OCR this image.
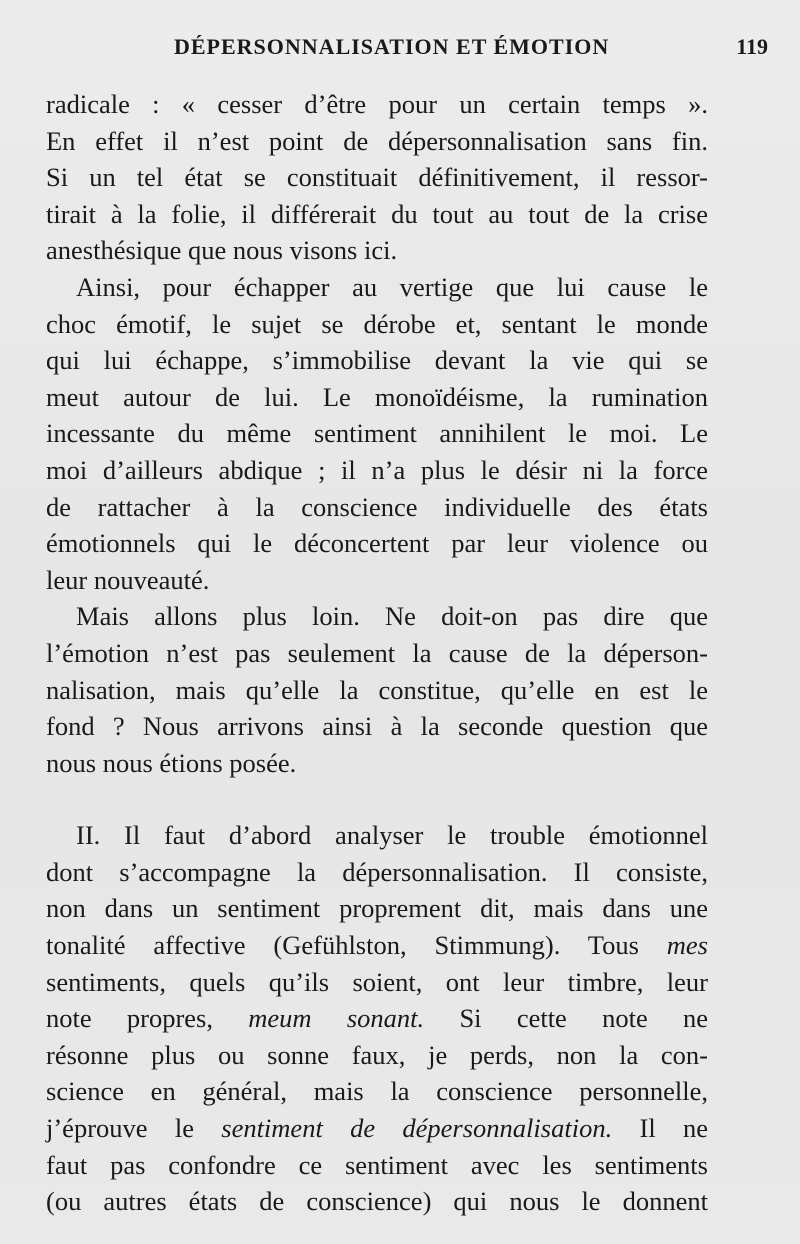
DÉPERSONNALISATION ET ÉMOTION	119
radicale : « cesser d’être pour un certain temps ».
En effet il n’est point de dépersonnalisation sans fin.
Si un tel état se constituait définitivement, il ressor-
tirait à la folie, il différerait du tout au tout de la crise
anesthésique que nous visons ici.
Ainsi, pour échapper au vertige que lui cause le
choc émotif, le sujet se dérobe et, sentant le monde
qui lui échappe, s’immobilise devant la vie qui se
meut autour de lui. Le monoïdéisme, la rumination
incessante du même sentiment annihilent le moi. Le
moi d’ailleurs abdique ; il n’a plus le désir ni la force
de rattacher à la conscience individuelle des états
émotionnels qui le déconcertent par leur violence ou
leur nouveauté.
Mais allons plus loin. Ne doit-on pas dire que
l’émotion n’est pas seulement la cause de la déperson-
nalisation, mais qu’elle la constitue, qu’elle en est le
fond ? Nous arrivons ainsi à la seconde question que
nous nous étions posée.
II. Il faut d’abord analyser le trouble émotionnel
dont s’accompagne la dépersonnalisation. Il consiste,
non dans un sentiment proprement dit, mais dans une
tonalité affective (Gefühlston, Stimmung). Tous mes
sentiments, quels qu’ils soient, ont leur timbre, leur
note propres, meum sonant. Si cette note ne
résonne plus ou sonne faux, je perds, non la con-
science en général, mais la conscience personnelle,
j’éprouve le sentiment de dépersonnalisation. Il ne
faut pas confondre ce sentiment avec les sentiments
(ou autres états de conscience) qui nous le donnent
